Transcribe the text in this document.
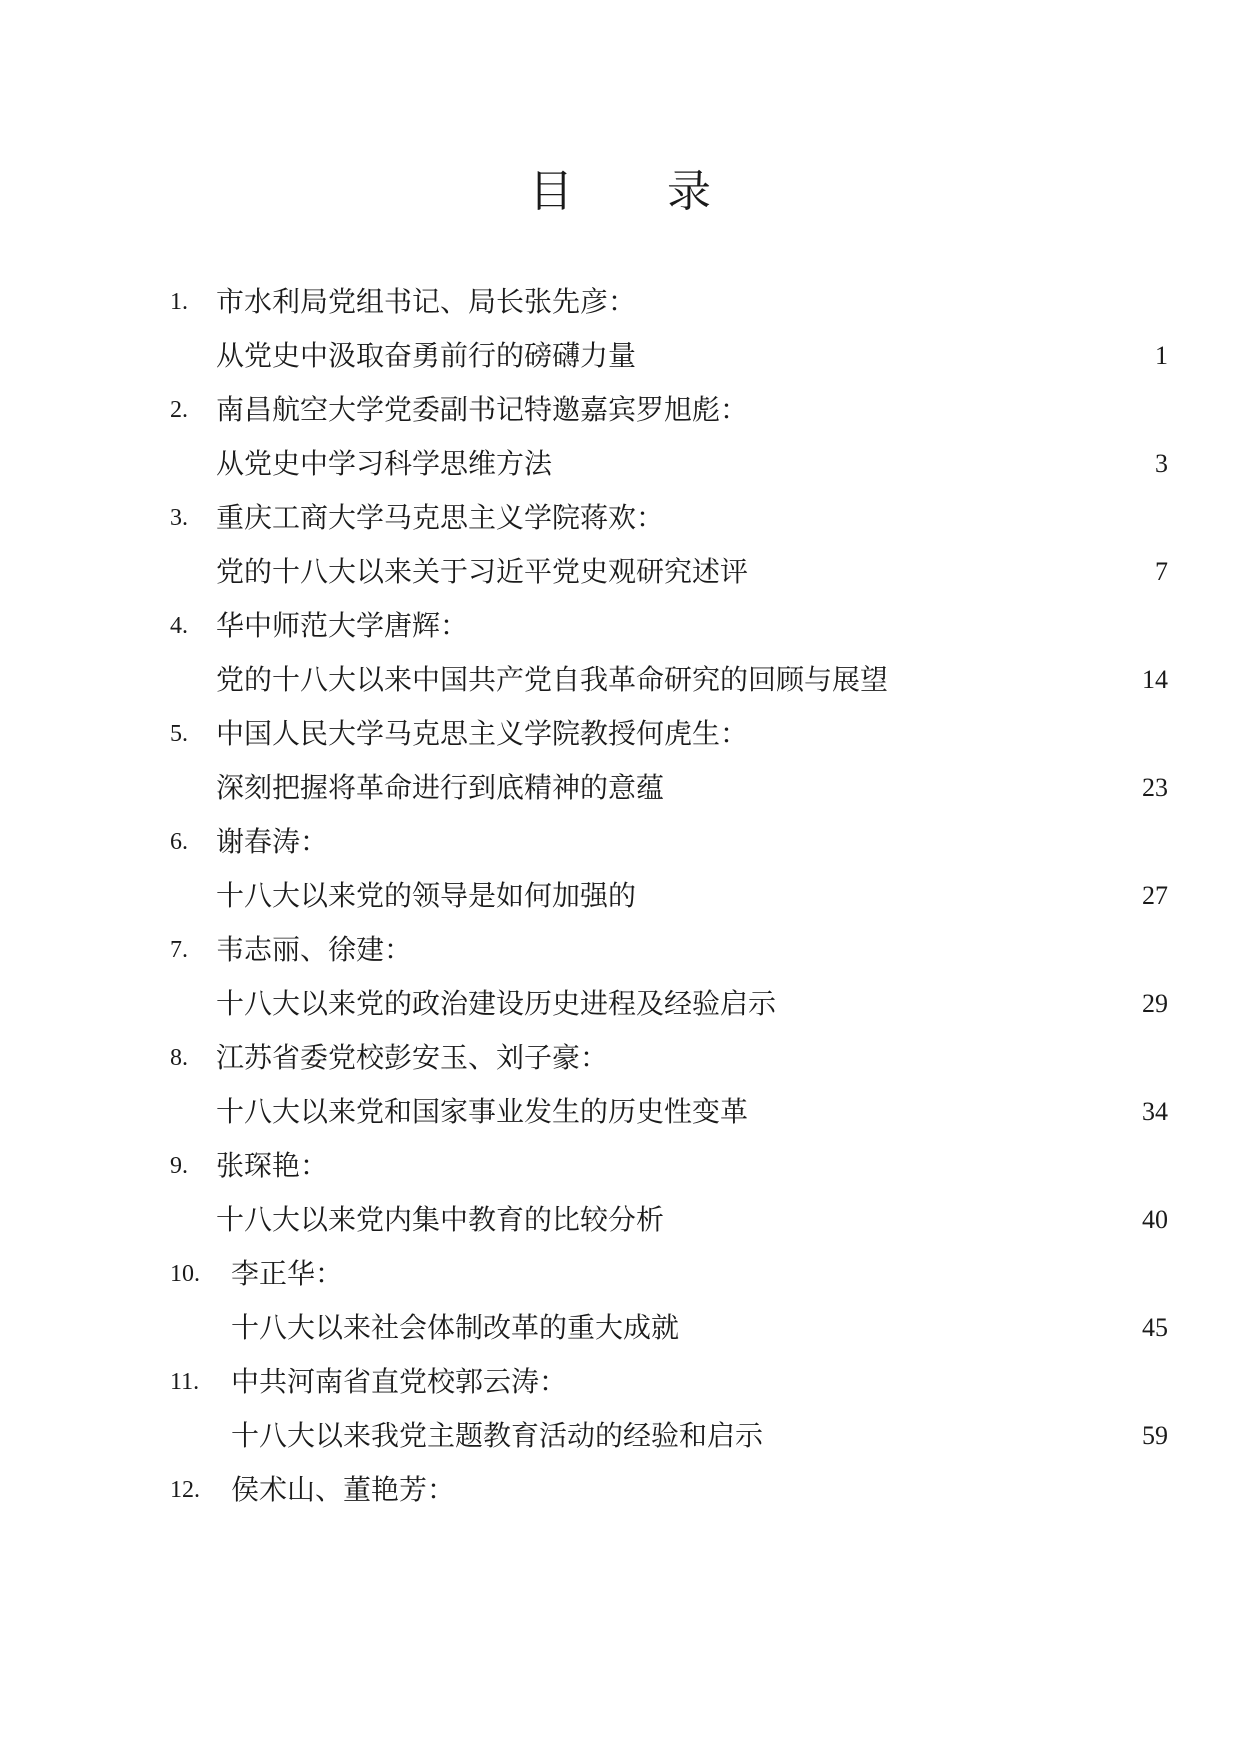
目 录
1. 市水利局党组书记、局长张先彦：
从党史中汲取奋勇前行的磅礴力量	1
2. 南昌航空大学党委副书记特邀嘉宾罗旭彪：
从党史中学习科学思维方法	3
3. 重庆工商大学马克思主义学院蒋欢：
党的十八大以来关于习近平党史观研究述评	7
4. 华中师范大学唐辉：
党的十八大以来中国共产党自我革命研究的回顾与展望	14
5. 中国人民大学马克思主义学院教授何虎生：
深刻把握将革命进行到底精神的意蕴	23
6. 谢春涛：
十八大以来党的领导是如何加强的	27
7. 韦志丽、徐建：
十八大以来党的政治建设历史进程及经验启示	29
8. 江苏省委党校彭安玉、刘子豪：
十八大以来党和国家事业发生的历史性变革	34
9. 张琛艳：
十八大以来党内集中教育的比较分析	40
10. 李正华：
十八大以来社会体制改革的重大成就	45
11. 中共河南省直党校郭云涛：
十八大以来我党主题教育活动的经验和启示	59
12. 侯术山、董艳芳：
